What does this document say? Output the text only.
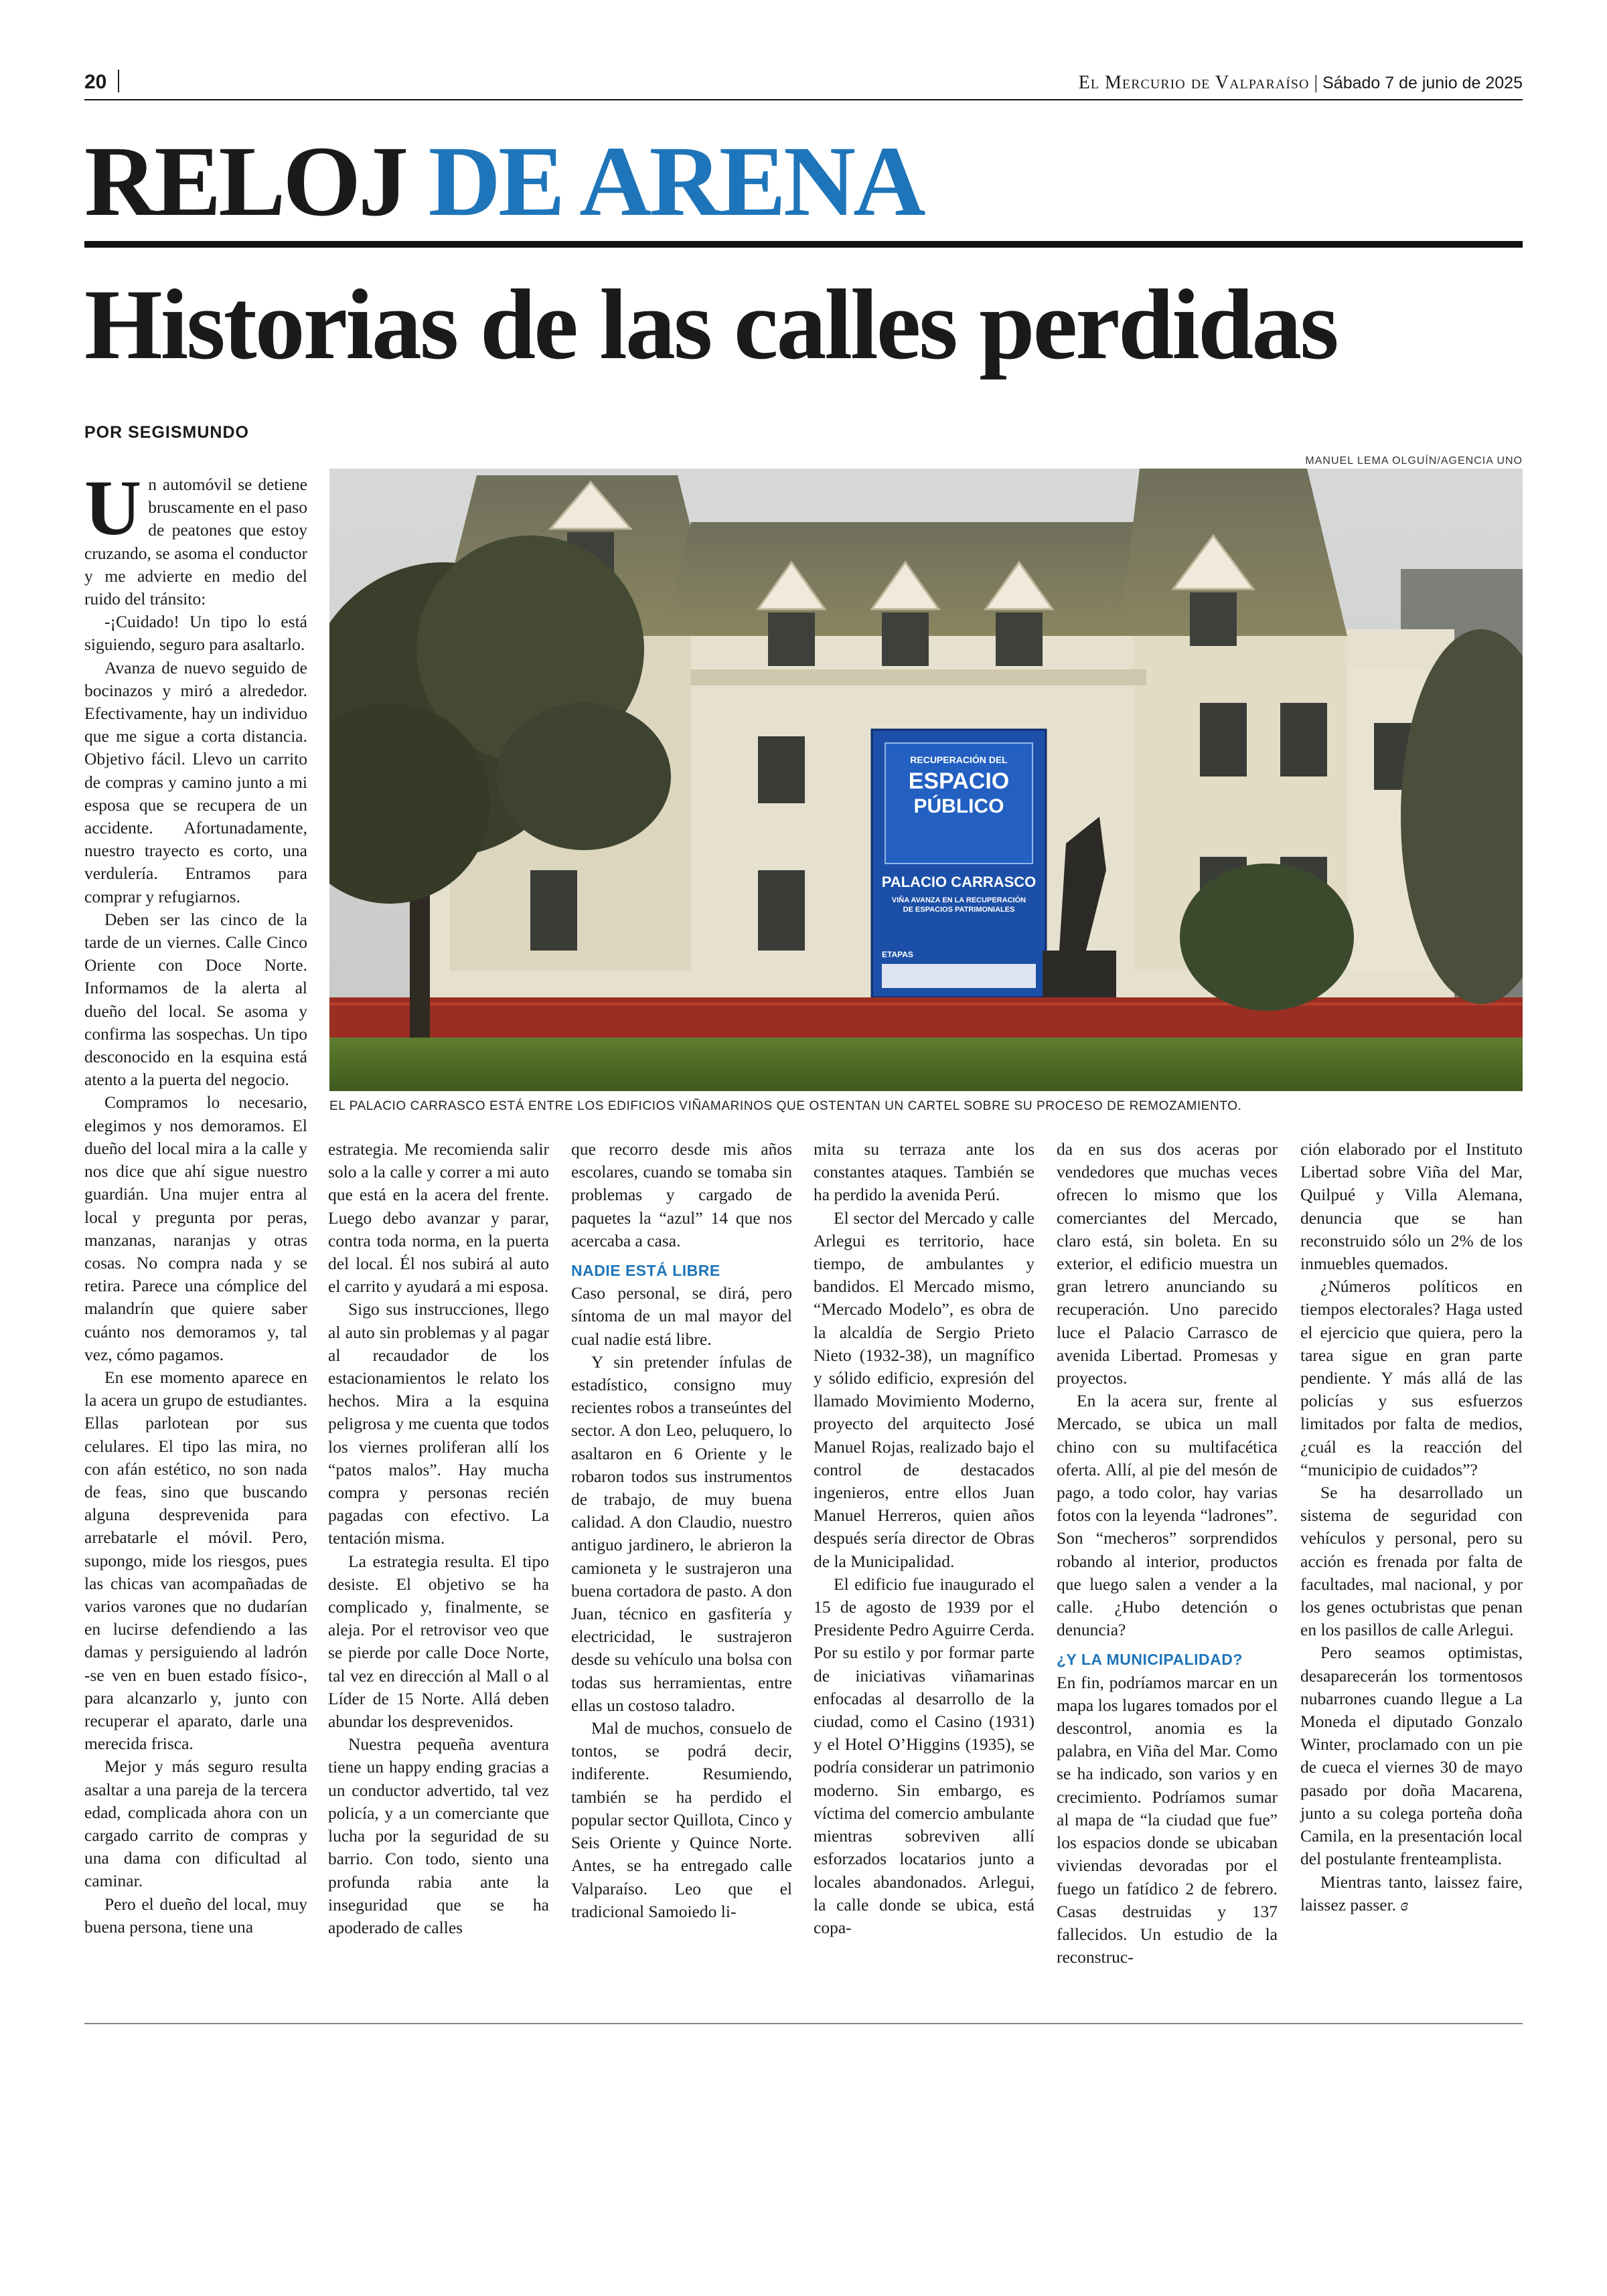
20	El Mercurio de Valparaíso | Sábado 7 de junio de 2025
RELOJ DE ARENA
Historias de las calles perdidas
POR SEGISMUNDO
MANUEL LEMA OLGUÍN/AGENCIA UNO
RECUPERACIÓN DEL
ESPACIO
PÚBLICO
PALACIO CARRASCO
VIÑA AVANZA EN LA RECUPERACIÓN
DE ESPACIOS PATRIMONIALES
ETAPAS
EL PALACIO CARRASCO ESTÁ ENTRE LOS EDIFICIOS VIÑAMARINOS QUE OSTENTAN UN CARTEL SOBRE SU PROCESO DE REMOZAMIENTO.

Un automóvil se detiene bruscamente en el paso de peatones que estoy cruzando, se asoma el conductor y me advierte en medio del ruido del tránsito:

-¡Cuidado! Un tipo lo está siguiendo, seguro para asaltarlo.

Avanza de nuevo seguido de bocinazos y miró a alrededor. Efectivamente, hay un individuo que me sigue a corta distancia. Objetivo fácil. Llevo un carrito de compras y camino junto a mi esposa que se recupera de un accidente. Afortunadamente, nuestro trayecto es corto, una verdulería. Entramos para comprar y refugiarnos.

Deben ser las cinco de la tarde de un viernes. Calle Cinco Oriente con Doce Norte. Informamos de la alerta al dueño del local. Se asoma y confirma las sospechas. Un tipo desconocido en la esquina está atento a la puerta del negocio.

Compramos lo necesario, elegimos y nos demoramos. El dueño del local mira a la calle y nos dice que ahí sigue nuestro guardián. Una mujer entra al local y pregunta por peras, manzanas, naranjas y otras cosas. No compra nada y se retira. Parece una cómplice del malandrín que quiere saber cuánto nos demoramos y, tal vez, cómo pagamos.

En ese momento aparece en la acera un grupo de estudiantes. Ellas parlotean por sus celulares. El tipo las mira, no con afán estético, no son nada de feas, sino que buscando alguna desprevenida para arrebatarle el móvil. Pero, supongo, mide los riesgos, pues las chicas van acompañadas de varios varones que no dudarían en lucirse defendiendo a las damas y persiguiendo al ladrón -se ven en buen estado físico-, para alcanzarlo y, junto con recuperar el aparato, darle una merecida frisca.

Mejor y más seguro resulta asaltar a una pareja de la tercera edad, complicada ahora con un cargado carrito de compras y una dama con dificultad al caminar.

Pero el dueño del local, muy buena persona, tiene una

estrategia. Me recomienda salir solo a la calle y correr a mi auto que está en la acera del frente. Luego debo avanzar y parar, contra toda norma, en la puerta del local. Él nos subirá al auto el carrito y ayudará a mi esposa.

Sigo sus instrucciones, llego al auto sin problemas y al pagar al recaudador de los estacionamientos le relato los hechos. Mira a la esquina peligrosa y me cuenta que todos los viernes proliferan allí los “patos malos”. Hay mucha compra y personas recién pagadas con efectivo. La tentación misma.

La estrategia resulta. El tipo desiste. El objetivo se ha complicado y, finalmente, se aleja. Por el retrovisor veo que se pierde por calle Doce Norte, tal vez en dirección al Mall o al Líder de 15 Norte. Allá deben abundar los desprevenidos.

Nuestra pequeña aventura tiene un happy ending gracias a un conductor advertido, tal vez policía, y a un comerciante que lucha por la seguridad de su barrio. Con todo, siento una profunda rabia ante la inseguridad que se ha apoderado de calles

que recorro desde mis años escolares, cuando se tomaba sin problemas y cargado de paquetes la “azul” 14 que nos acercaba a casa.

NADIE ESTÁ LIBRE

Caso personal, se dirá, pero síntoma de un mal mayor del cual nadie está libre.

Y sin pretender ínfulas de estadístico, consigno muy recientes robos a transeúntes del sector. A don Leo, peluquero, lo asaltaron en 6 Oriente y le robaron todos sus instrumentos de trabajo, de muy buena calidad. A don Claudio, nuestro antiguo jardinero, le abrieron la camioneta y le sustrajeron una buena cortadora de pasto. A don Juan, técnico en gasfitería y electricidad, le sustrajeron desde su vehículo una bolsa con todas sus herramientas, entre ellas un costoso taladro.

Mal de muchos, consuelo de tontos, se podrá decir, indiferente. Resumiendo, también se ha perdido el popular sector Quillota, Cinco y Seis Oriente y Quince Norte. Antes, se ha entregado calle Valparaíso. Leo que el tradicional Samoiedo li-

mita su terraza ante los constantes ataques. También se ha perdido la avenida Perú.

El sector del Mercado y calle Arlegui es territorio, hace tiempo, de ambulantes y bandidos. El Mercado mismo, “Mercado Modelo”, es obra de la alcaldía de Sergio Prieto Nieto (1932-38), un magnífico y sólido edificio, expresión del llamado Movimiento Moderno, proyecto del arquitecto José Manuel Rojas, realizado bajo el control de destacados ingenieros, entre ellos Juan Manuel Herreros, quien años después sería director de Obras de la Municipalidad.

El edificio fue inaugurado el 15 de agosto de 1939 por el Presidente Pedro Aguirre Cerda. Por su estilo y por formar parte de iniciativas viñamarinas enfocadas al desarrollo de la ciudad, como el Casino (1931) y el Hotel O’Higgins (1935), se podría considerar un patrimonio moderno. Sin embargo, es víctima del comercio ambulante mientras sobreviven allí esforzados locatarios junto a locales abandonados. Arlegui, la calle donde se ubica, está copa-

da en sus dos aceras por vendedores que muchas veces ofrecen lo mismo que los comerciantes del Mercado, claro está, sin boleta. En su exterior, el edificio muestra un gran letrero anunciando su recuperación. Uno parecido luce el Palacio Carrasco de avenida Libertad. Promesas y proyectos.

En la acera sur, frente al Mercado, se ubica un mall chino con su multifacética oferta. Allí, al pie del mesón de pago, a todo color, hay varias fotos con la leyenda “ladrones”. Son “mecheros” sorprendidos robando al interior, productos que luego salen a vender a la calle. ¿Hubo detención o denuncia?

¿Y LA MUNICIPALIDAD?

En fin, podríamos marcar en un mapa los lugares tomados por el descontrol, anomia es la palabra, en Viña del Mar. Como se ha indicado, son varios y en crecimiento. Podríamos sumar al mapa de “la ciudad que fue” los espacios donde se ubicaban viviendas devoradas por el fuego un fatídico 2 de febrero. Casas destruidas y 137 fallecidos. Un estudio de la reconstruc-

ción elaborado por el Instituto Libertad sobre Viña del Mar, Quilpué y Villa Alemana, denuncia que se han reconstruido sólo un 2% de los inmuebles quemados.

¿Números políticos en tiempos electorales? Haga usted el ejercicio que quiera, pero la tarea sigue en gran parte pendiente. Y más allá de las policías y sus esfuerzos limitados por falta de medios, ¿cuál es la reacción del “municipio de cuidados”?

Se ha desarrollado un sistema de seguridad con vehículos y personal, pero su acción es frenada por falta de facultades, mal nacional, y por los genes octubristas que penan en los pasillos de calle Arlegui.

Pero seamos optimistas, desaparecerán los tormentosos nubarrones cuando llegue a La Moneda el diputado Gonzalo Winter, proclamado con un pie de cueca el viernes 30 de mayo pasado por doña Macarena, junto a su colega porteña doña Camila, en la presentación local del postulante frenteamplista.

Mientras tanto, laissez faire, laissez passer. ɞ
